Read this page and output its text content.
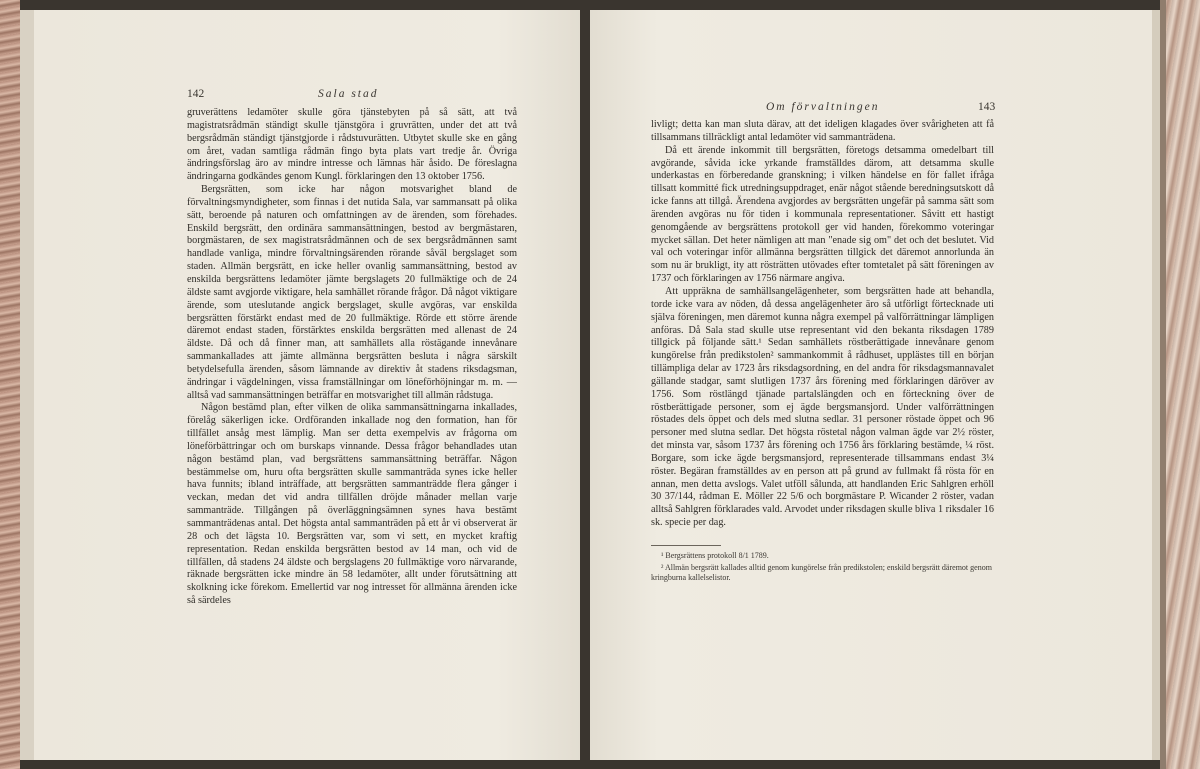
142	Sala stad

gruverättens ledamöter skulle göra tjänstebyten på så sätt, att två magistratsrådmän ständigt skulle tjänstgöra i gruvrätten, under det att två bergsrådmän ständigt tjänstgjorde i rådstuvurätten. Utbytet skulle ske en gång om året, vadan samtliga rådmän fingo byta plats vart tredje år. Övriga ändringsförslag äro av mindre intresse och lämnas här åsido. De föreslagna ändringarna godkändes genom Kungl. förklaringen den 13 oktober 1756.

Bergsrätten, som icke har någon motsvarighet bland de förvaltningsmyndigheter, som finnas i det nutida Sala, var sammansatt på olika sätt, beroende på naturen och omfattningen av de ärenden, som förehades. Enskild bergsrätt, den ordinära sammansättningen, bestod av bergmästaren, borgmästaren, de sex magistratsrådmännen och de sex bergsrådmännen samt handlade vanliga, mindre förvaltningsärenden rörande såväl bergslaget som staden. Allmän bergsrätt, en icke heller ovanlig sammansättning, bestod av enskilda bergsrättens ledamöter jämte bergslagets 20 fullmäktige och de 24 äldste samt avgjorde viktigare, hela samhället rörande frågor. Då något viktigare ärende, som uteslutande angick bergslaget, skulle avgöras, var enskilda bergsrätten förstärkt endast med de 20 fullmäktige. Rörde ett större ärende däremot endast staden, förstärktes enskilda bergsrätten med allenast de 24 äldste. Då och då finner man, att samhällets alla röstägande innevånare sammankallades att jämte allmänna bergsrätten besluta i några särskilt betydelsefulla ärenden, såsom lämnande av direktiv åt stadens riksdagsman, ändringar i vägdelningen, vissa framställningar om löneförhöjningar m. m. — alltså vad sammansättningen beträffar en motsvarighet till allmän rådstuga.

Någon bestämd plan, efter vilken de olika sammansättningarna inkallades, förelåg säkerligen icke. Ordföranden inkallade nog den formation, han för tillfället ansåg mest lämplig. Man ser detta exempelvis av frågorna om löneförbättringar och om burskaps vinnande. Dessa frågor behandlades utan någon bestämd plan, vad bergsrättens sammansättning beträffar. Någon bestämmelse om, huru ofta bergsrätten skulle sammanträda synes icke heller hava funnits; ibland inträffade, att bergsrätten sammanträdde flera gånger i veckan, medan det vid andra tillfällen dröjde månader mellan varje sammanträde. Tillgången på överläggningsämnen synes hava bestämt sammanträdenas antal. Det högsta antal sammanträden på ett år vi observerat är 28 och det lägsta 10. Bergsrätten var, som vi sett, en mycket kraftig representation. Redan enskilda bergsrätten bestod av 14 man, och vid de tillfällen, då stadens 24 äldste och bergslagens 20 fullmäktige voro närvarande, räknade bergsrätten icke mindre än 58 ledamöter, allt under förutsättning att skolkning icke förekom. Emellertid var nog intresset för allmänna ärenden icke så särdeles

Om förvaltningen	143

livligt; detta kan man sluta därav, att det ideligen klagades över svårigheten att få tillsammans tillräckligt antal ledamöter vid sammanträdena.

Då ett ärende inkommit till bergsrätten, företogs detsamma omedelbart till avgörande, såvida icke yrkande framställdes därom, att detsamma skulle underkastas en förberedande granskning; i vilken händelse en för fallet ifråga tillsatt kommitté fick utredningsuppdraget, enär något stående beredningsutskott då icke fanns att tillgå. Ärendena avgjordes av bergsrätten ungefär på samma sätt som ärenden avgöras nu för tiden i kommunala representationer. Såvitt ett hastigt genomgående av bergsrättens protokoll ger vid handen, förekommo voteringar mycket sällan. Det heter nämligen att man "enade sig om" det och det beslutet. Vid val och voteringar inför allmänna bergsrätten tillgick det däremot annorlunda än som nu är brukligt, ity att rösträtten utövades efter tomtetalet på sätt föreningen av 1737 och förklaringen av 1756 närmare angiva.

Att uppräkna de samhällsangelägenheter, som bergsrätten hade att behandla, torde icke vara av nöden, då dessa angelägenheter äro så utförligt förtecknade uti själva föreningen, men däremot kunna några exempel på valförrättningar lämpligen anföras. Då Sala stad skulle utse representant vid den bekanta riksdagen 1789 tillgick på följande sätt.¹ Sedan samhällets röstberättigade innevånare genom kungörelse från predikstolen² sammankommit å rådhuset, upplästes till en början tillämpliga delar av 1723 års riksdagsordning, en del andra för riksdagsmannavalet gällande stadgar, samt slutligen 1737 års förening med förklaringen däröver av 1756. Som röstlängd tjänade partalslängden och en förteckning över de röstberättigade personer, som ej ägde bergsmansjord. Under valförrättningen röstades dels öppet och dels med slutna sedlar. 31 personer röstade öppet och 96 personer med slutna sedlar. Det högsta röstetal någon valman ägde var 2½ röster, det minsta var, såsom 1737 års förening och 1756 års förklaring bestämde, ¼ röst. Borgare, som icke ägde bergsmansjord, representerade tillsammans endast 3¼ röster. Begäran framställdes av en person att på grund av fullmakt få rösta för en annan, men detta avslogs. Valet utföll sålunda, att handlanden Eric Sahlgren erhöll 30 37/144, rådman E. Möller 22 5/6 och borgmästare P. Wicander 2 röster, vadan alltså Sahlgren förklarades vald. Arvodet under riksdagen skulle bliva 1 riksdaler 16 sk. specie per dag.

¹ Bergsrättens protokoll 8/1 1789.

² Allmän bergsrätt kallades alltid genom kungörelse från predikstolen; enskild bergsrätt däremot genom kringburna kallelselistor.
